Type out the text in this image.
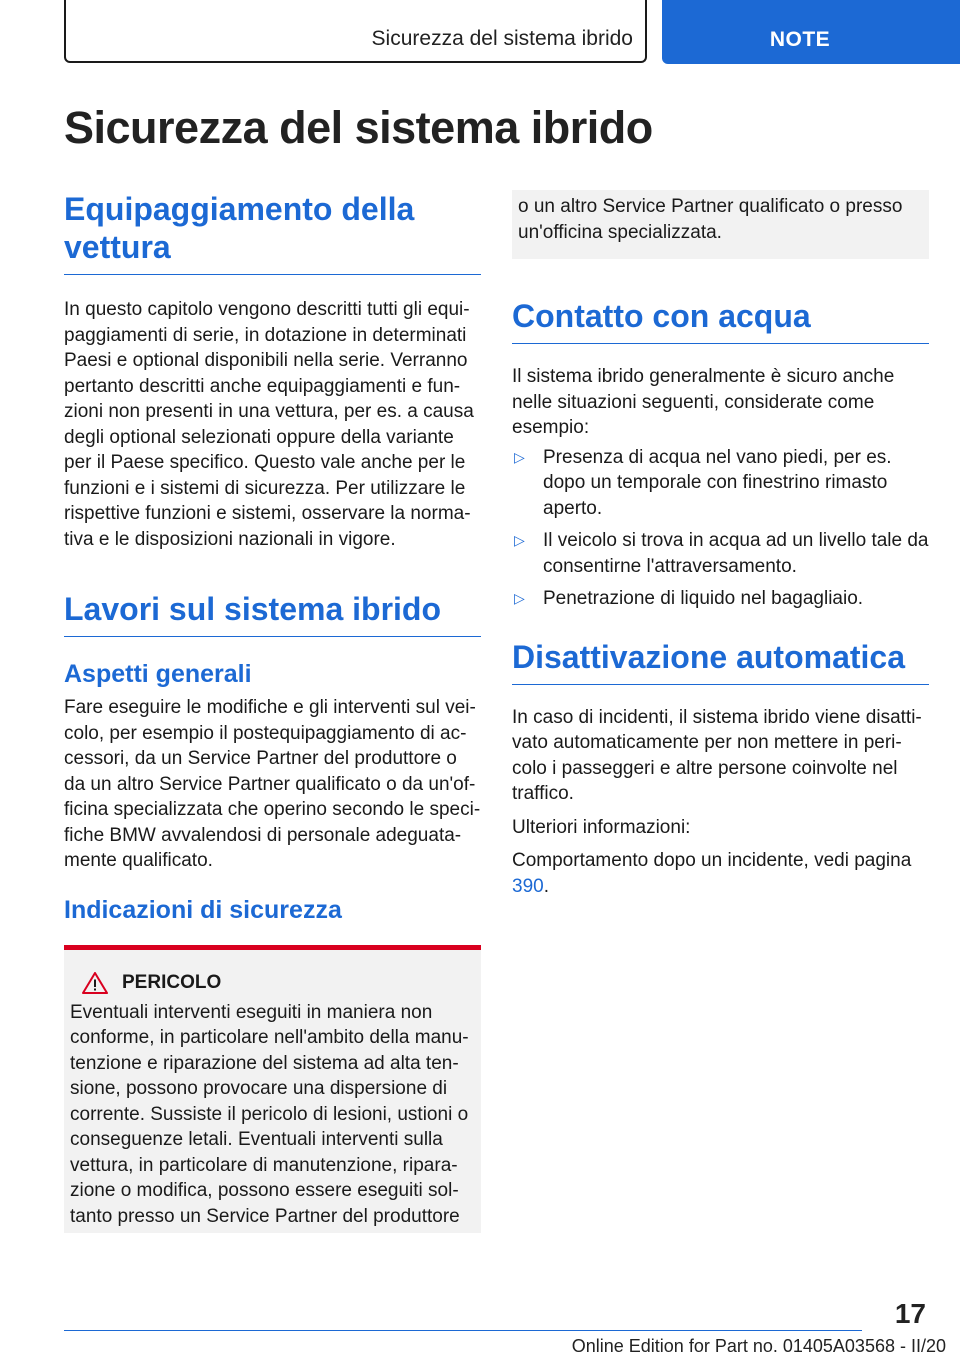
Sicurezza del sistema ibrido	NOTE
Sicurezza del sistema ibrido
Equipaggiamento della vettura

In questo capitolo vengono descritti tutti gli equipaggiamenti di serie, in dotazione in determinati Paesi e optional disponibili nella serie. Verranno pertanto descritti anche equipaggiamenti e funzioni non presenti in una vettura, per es. a causa degli optional selezionati oppure della variante per il Paese specifico. Questo vale anche per le funzioni e i sistemi di sicurezza. Per utilizzare le rispettive funzioni e sistemi, osservare la normativa e le disposizioni nazionali in vigore.

Lavori sul sistema ibrido
Aspetti generali

Fare eseguire le modifiche e gli interventi sul veicolo, per esempio il postequipaggiamento di accessori, da un Service Partner del produttore o da un altro Service Partner qualificato o da un'officina specializzata che operino secondo le specifiche BMW avvalendosi di personale adeguatamente qualificato.

Indicazioni di sicurezza
PERICOLO

Eventuali interventi eseguiti in maniera non conforme, in particolare nell'ambito della manutenzione e riparazione del sistema ad alta tensione, possono provocare una dispersione di corrente. Sussiste il pericolo di lesioni, ustioni o conseguenze letali. Eventuali interventi sulla vettura, in particolare di manutenzione, riparazione o modifica, possono essere eseguiti soltanto presso un Service Partner del produttore

o un altro Service Partner qualificato o presso un'officina specializzata.

Contatto con acqua

Il sistema ibrido generalmente è sicuro anche nelle situazioni seguenti, considerate come esempio:

▷ Presenza di acqua nel vano piedi, per es. dopo un temporale con finestrino rimasto aperto.
▷ Il veicolo si trova in acqua ad un livello tale da consentirne l'attraversamento.
▷ Penetrazione di liquido nel bagagliaio.
Disattivazione automatica

In caso di incidenti, il sistema ibrido viene disattivato automaticamente per non mettere in pericolo i passeggeri e altre persone coinvolte nel traffico.

Ulteriori informazioni:

Comportamento dopo un incidente, vedi pagina 390.

17
Online Edition for Part no. 01405A03568 - II/20
